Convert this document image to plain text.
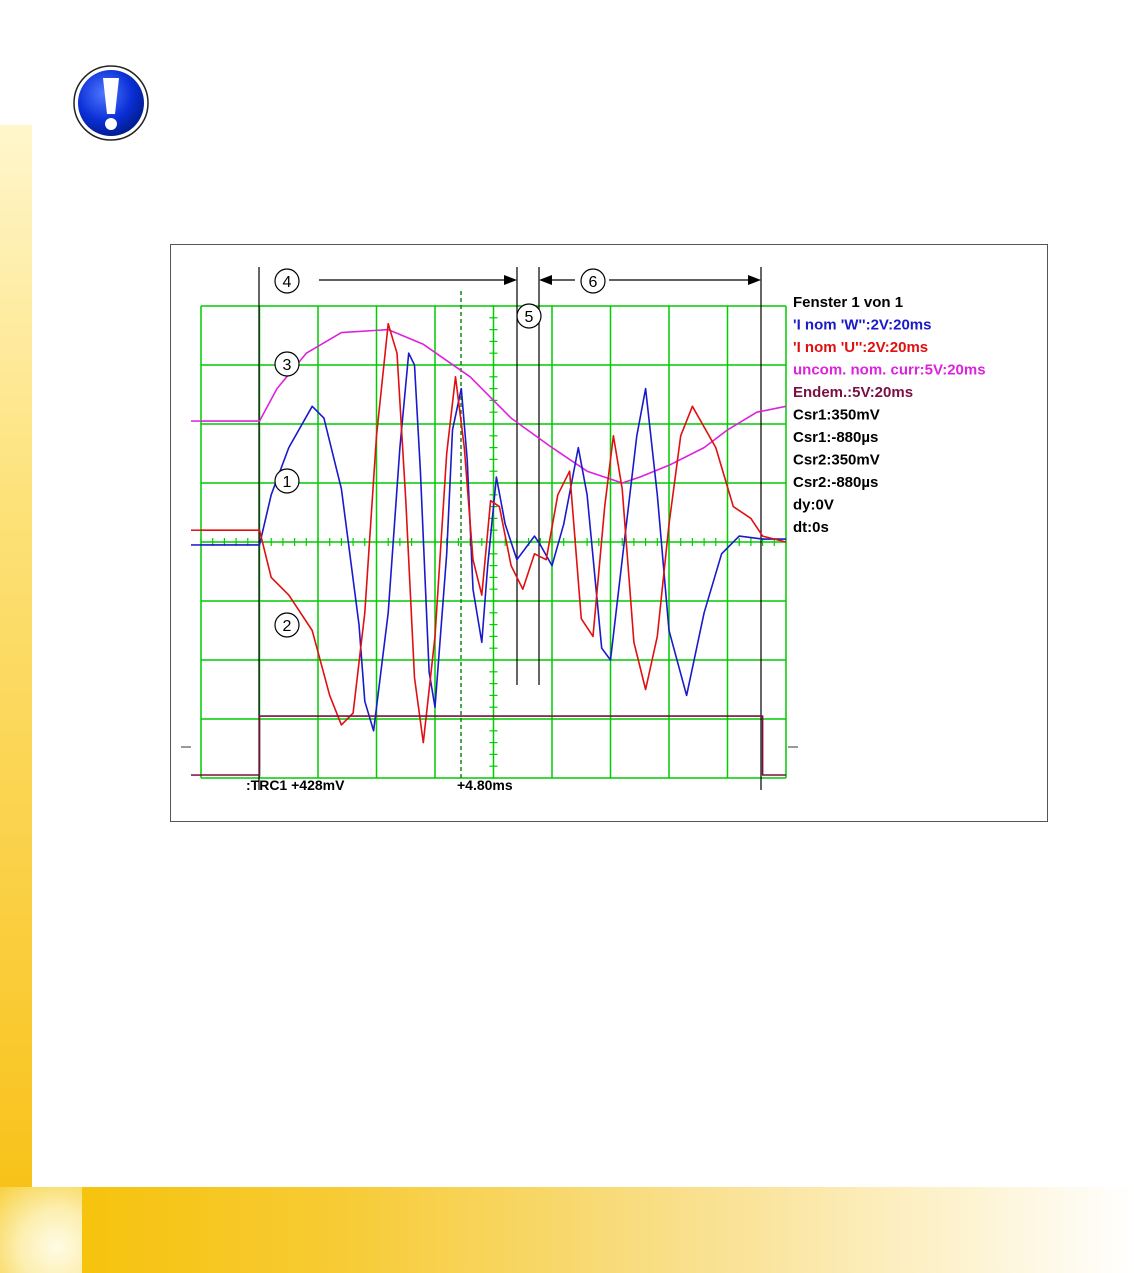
Fenster 1 von 1
'I nom 'W'':2V:20ms
'I nom 'U'':2V:20ms
uncom. nom. curr:5V:20ms
Endem.:5V:20ms
Csr1:350mV
Csr1:-880µs
Csr2:350mV
Csr2:-880µs
dy:0V
dt:0s
1
2
3
4
5
6
:TRC1 +428mV	+4.80ms
